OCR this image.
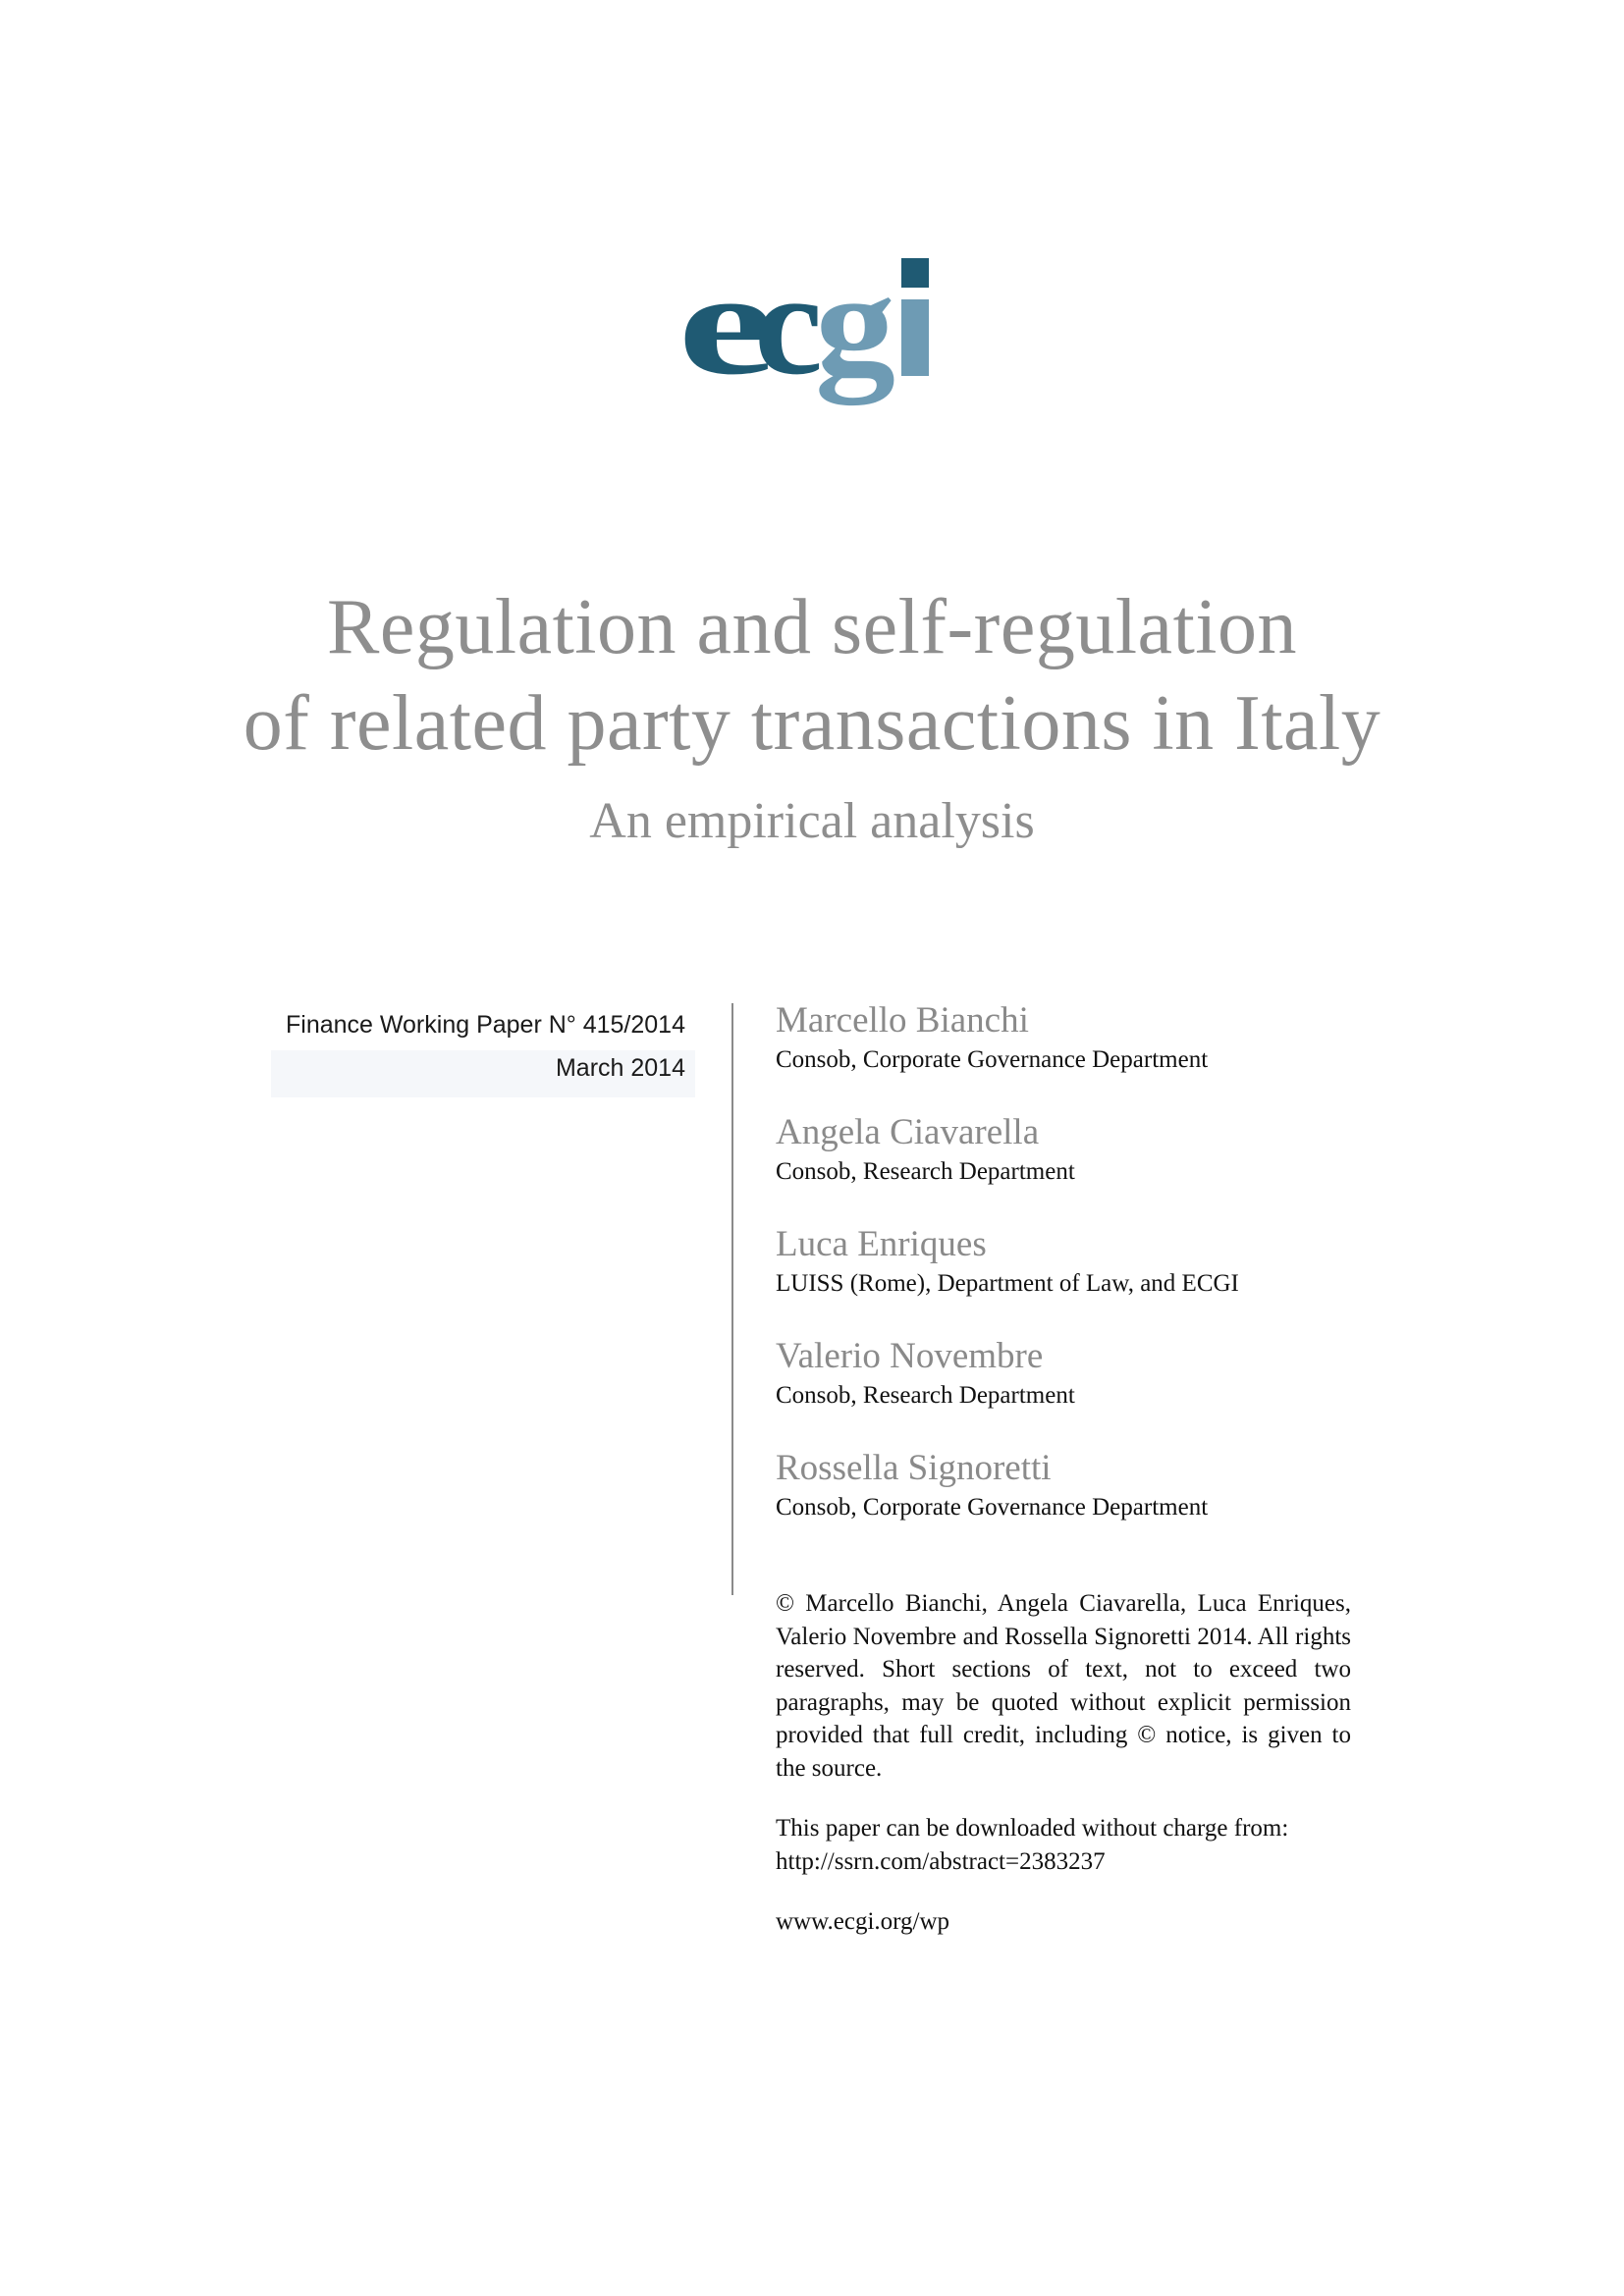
e
c
g
Regulation and self-regulation
of related party transactions in Italy
An empirical analysis
Finance Working Paper N° 415/2014
March 2014
Marcello Bianchi
Consob, Corporate Governance Department
Angela Ciavarella
Consob, Research Department
Luca Enriques
LUISS (Rome), Department of Law, and ECGI
Valerio Novembre
Consob, Research Department
Rossella Signoretti
Consob, Corporate Governance Department
© Marcello Bianchi, Angela Ciavarella, Luca Enriques, Valerio Novembre and Rossella Signoretti 2014. All rights reserved. Short sections of text, not to exceed two paragraphs, may be quoted without explicit permission provided that full credit, including © notice, is given to the source.
This paper can be downloaded without charge from:
http://ssrn.com/abstract=2383237
www.ecgi.org/wp
